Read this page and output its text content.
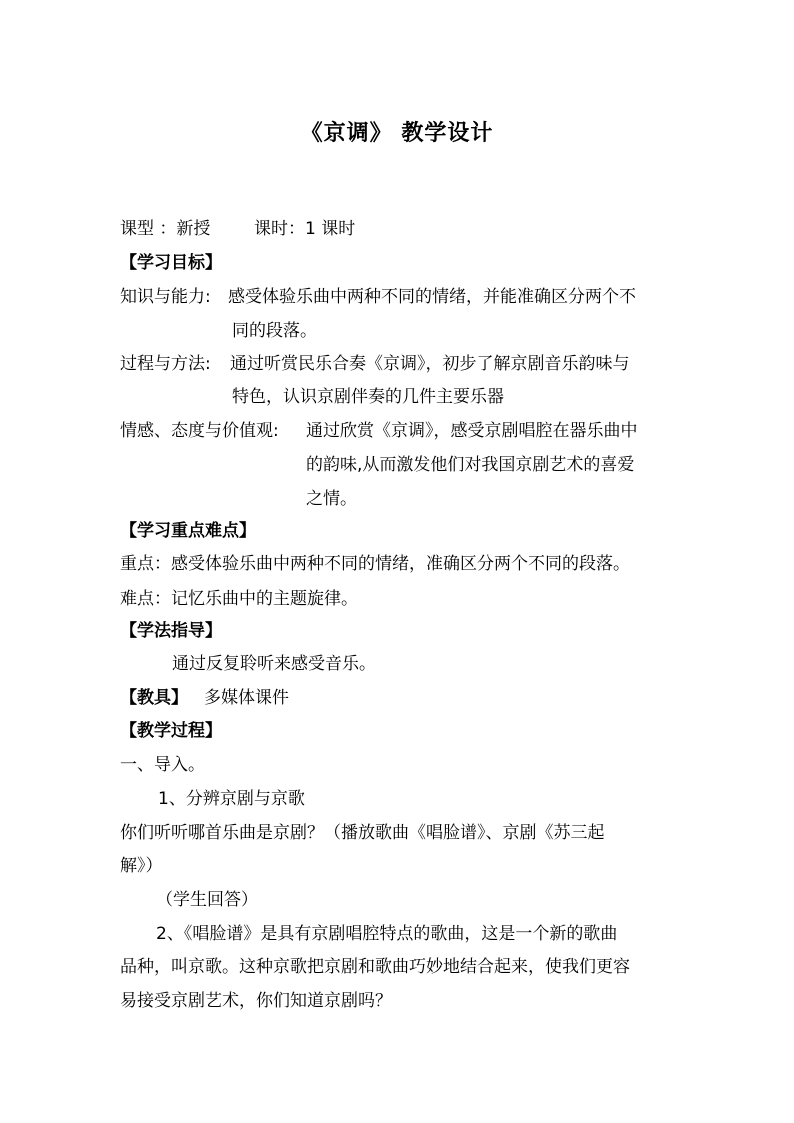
《京调》 教学设计
课型 ：新授	课时：1 课时
【学习目标】
知识与能力: 感受体验乐曲中两种不同的情绪，并能准确区分两个不
同的段落。
过程与方法: 通过听赏民乐合奏《京调》，初步了解京剧音乐韵味与
特色，认识京剧伴奏的几件主要乐器
情感、态度与价值观: 通过欣赏《京调》，感受京剧唱腔在器乐曲中
的韵味,从而激发他们对我国京剧艺术的喜爱
之情。
【学习重点难点】
重点：感受体验乐曲中两种不同的情绪，准确区分两个不同的段落。
难点：记忆乐曲中的主题旋律。
【学法指导】
通过反复聆听来感受音乐。
【教具】 多媒体课件
【教学过程】
一、导入。
1、分辨京剧与京歌
你们听听哪首乐曲是京剧？（播放歌曲《唱脸谱》、京剧《苏三起
解》）
（学生回答）
2、《唱脸谱》是具有京剧唱腔特点的歌曲，这是一个新的歌曲
品种，叫京歌。这种京歌把京剧和歌曲巧妙地结合起来，使我们更容
易接受京剧艺术，你们知道京剧吗？
